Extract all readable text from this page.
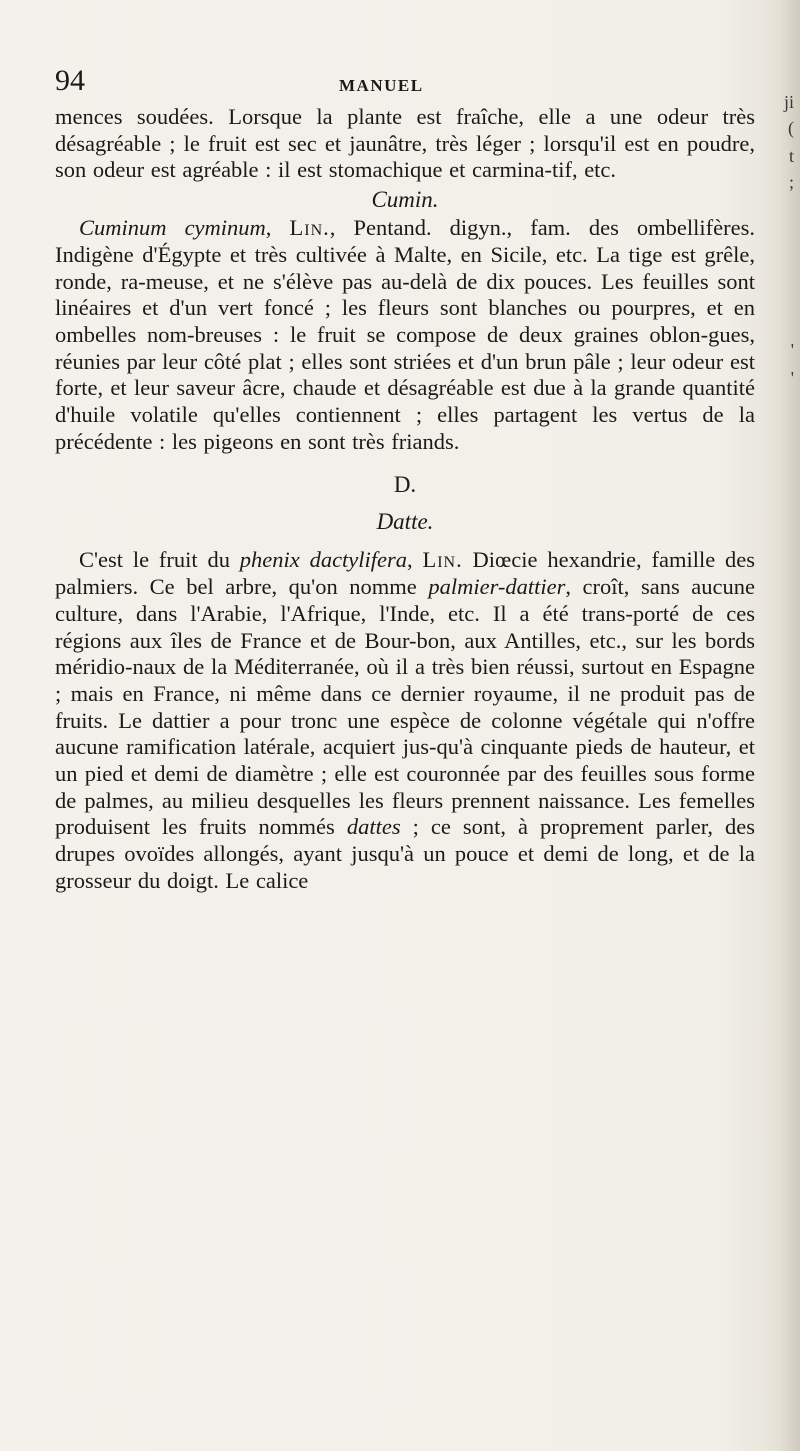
ji
(
t
;
'
'
94	MANUEL

mences soudées. Lorsque la plante est fraîche, elle a une odeur très désagréable ; le fruit est sec et jaunâtre, très léger ; lorsqu'il est en poudre, son odeur est agréable : il est stomachique et carmina-tif, etc.

Cumin.

Cuminum cyminum, Lin., Pentand. digyn., fam. des ombellifères. Indigène d'Égypte et très cultivée à Malte, en Sicile, etc. La tige est grêle, ronde, ra-meuse, et ne s'élève pas au-delà de dix pouces. Les feuilles sont linéaires et d'un vert foncé ; les fleurs sont blanches ou pourpres, et en ombelles nom-breuses : le fruit se compose de deux graines oblon-gues, réunies par leur côté plat ; elles sont striées et d'un brun pâle ; leur odeur est forte, et leur saveur âcre, chaude et désagréable est due à la grande quantité d'huile volatile qu'elles contiennent ; elles partagent les vertus de la précédente : les pigeons en sont très friands.

D.
Datte.

C'est le fruit du phenix dactylifera, Lin. Diœcie hexandrie, famille des palmiers. Ce bel arbre, qu'on nomme palmier-dattier, croît, sans aucune culture, dans l'Arabie, l'Afrique, l'Inde, etc. Il a été trans-porté de ces régions aux îles de France et de Bour-bon, aux Antilles, etc., sur les bords méridio-naux de la Méditerranée, où il a très bien réussi, surtout en Espagne ; mais en France, ni même dans ce dernier royaume, il ne produit pas de fruits. Le dattier a pour tronc une espèce de colonne végétale qui n'offre aucune ramification latérale, acquiert jus-qu'à cinquante pieds de hauteur, et un pied et demi de diamètre ; elle est couronnée par des feuilles sous forme de palmes, au milieu desquelles les fleurs prennent naissance. Les femelles produisent les fruits nommés dattes ; ce sont, à proprement parler, des drupes ovoïdes allongés, ayant jusqu'à un pouce et demi de long, et de la grosseur du doigt. Le calice
